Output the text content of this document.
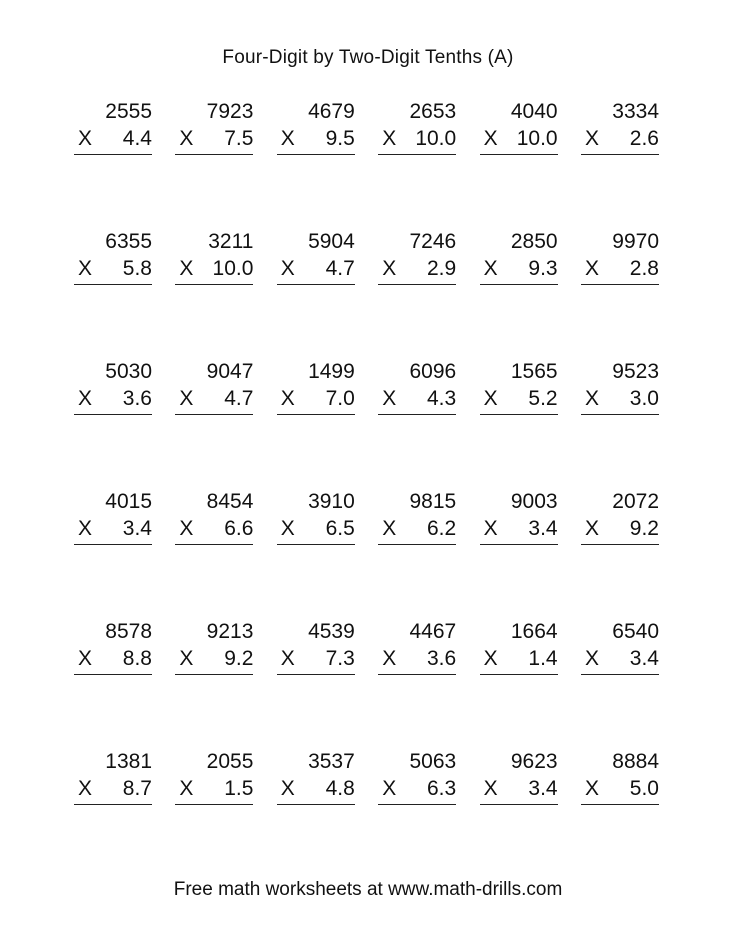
Four-Digit by Two-Digit Tenths (A)
2555
X 4.4
7923
X 7.5
4679
X 9.5
2653
X 10.0
4040
X 10.0
3334
X 2.6
6355
X 5.8
3211
X 10.0
5904
X 4.7
7246
X 2.9
2850
X 9.3
9970
X 2.8
5030
X 3.6
9047
X 4.7
1499
X 7.0
6096
X 4.3
1565
X 5.2
9523
X 3.0
4015
X 3.4
8454
X 6.6
3910
X 6.5
9815
X 6.2
9003
X 3.4
2072
X 9.2
8578
X 8.8
9213
X 9.2
4539
X 7.3
4467
X 3.6
1664
X 1.4
6540
X 3.4
1381
X 8.7
2055
X 1.5
3537
X 4.8
5063
X 6.3
9623
X 3.4
8884
X 5.0
Free math worksheets at www.math-drills.com
